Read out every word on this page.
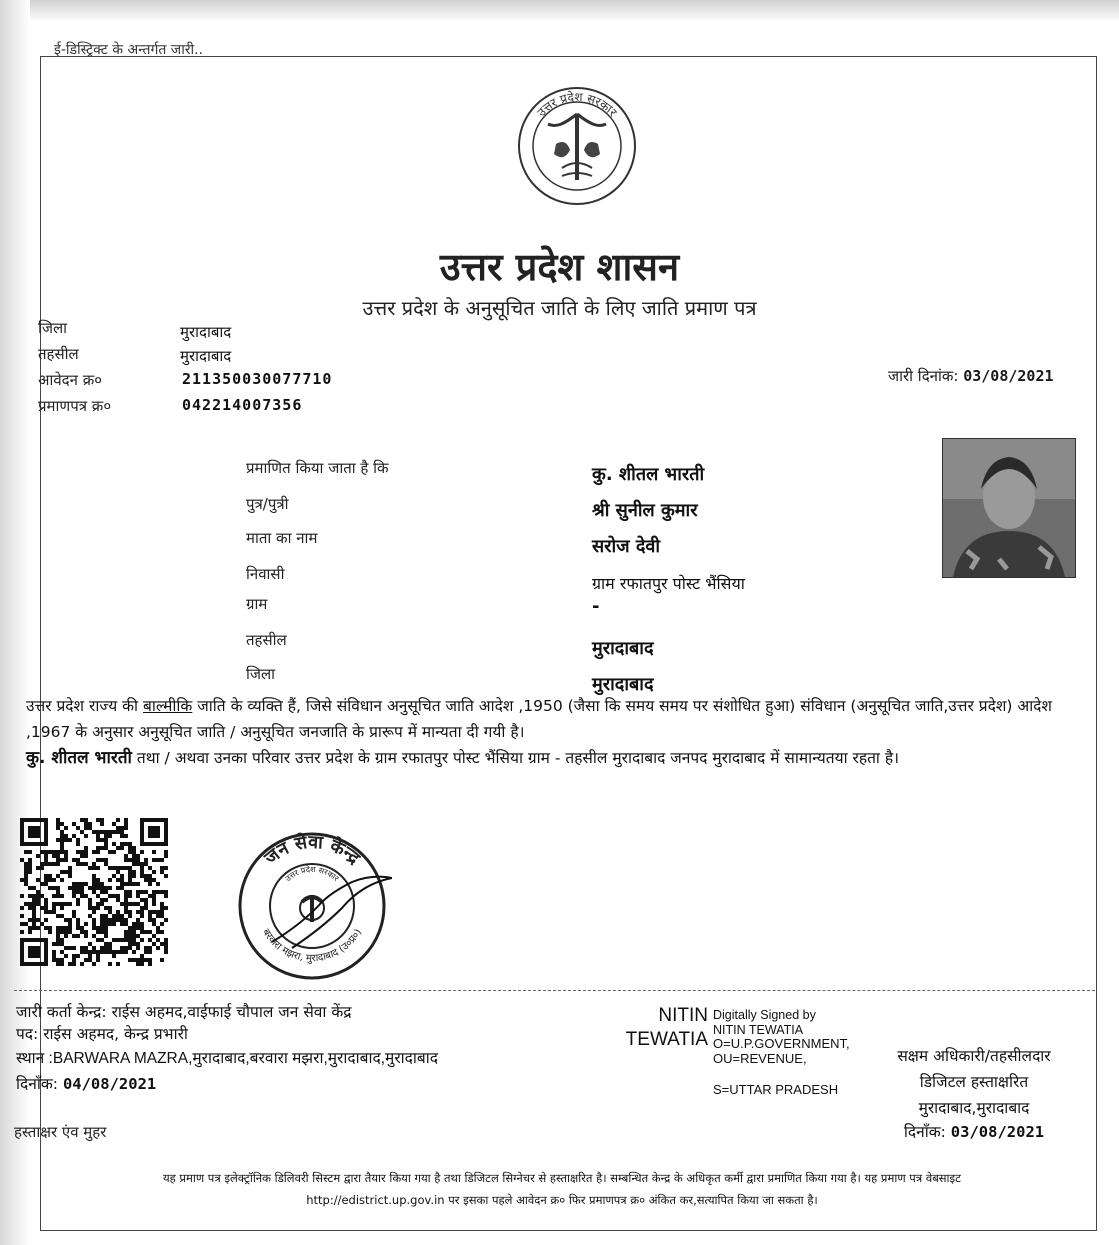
ई-डिस्ट्रिक्ट के अन्तर्गत जारी..
उत्तर प्रदेश सरकार
उत्तर प्रदेश शासन
उत्तर प्रदेश के अनुसूचित जाति के लिए जाति प्रमाण पत्र
जिला	मुरादाबाद
तहसील	मुरादाबाद
आवेदन क्र०	211350030077710
प्रमाणपत्र क्र०	042214007356
जारी दिनांक: 03/08/2021
प्रमाणित किया जाता है कि	कु. शीतल भारती
पुत्र/पुत्री	श्री सुनील कुमार
माता का नाम	सरोज देवी
निवासी	ग्राम रफातपुर पोस्ट भैंसिया
ग्राम	-
तहसील	मुरादाबाद
जिला	मुरादाबाद
उत्तर प्रदेश राज्य की बाल्मीकि जाति के व्यक्ति हैं, जिसे संविधान अनुसूचित जाति आदेश ,1950 (जैसा कि समय समय पर संशोधित हुआ) संविधान (अनुसूचित जाति,उत्तर प्रदेश) आदेश ,1967 के अनुसार अनुसूचित जाति / अनुसूचित जनजाति के प्रारूप में मान्यता दी गयी है।
कु. शीतल भारती तथा / अथवा उनका परिवार उत्तर प्रदेश के ग्राम रफातपुर पोस्ट भैंसिया ग्राम - तहसील मुरादाबाद जनपद मुरादाबाद में सामान्यतया रहता है।
जन सेवा केन्द्र
बरवारा मझरा, मुरादाबाद (उ०प्र०)
उत्तर प्रदेश सरकार
जारी कर्ता केन्द्र: राईस अहमद,वाईफाई चौपाल जन सेवा केंद्र
पद: राईस अहमद, केन्द्र प्रभारी
स्थान :BARWARA MAZRA,मुरादाबाद,बरवारा मझरा,मुरादाबाद,मुरादाबाद
दिनाँक: 04/08/2021
हस्ताक्षर एंव मुहर
NITIN
TEWATIA
Digitally Signed by
NITIN TEWATIA
O=U.P.GOVERNMENT,
OU=REVENUE,
S=UTTAR PRADESH
सक्षम अधिकारी/तहसीलदार
डिजिटल हस्ताक्षरित
मुरादाबाद,मुरादाबाद
दिनाँक: 03/08/2021
यह प्रमाण पत्र इलेक्ट्रॉनिक डिलिवरी सिस्टम द्वारा तैयार किया गया है तथा डिजिटल सिग्नेचर से हस्ताक्षरित है। सम्बन्धित केन्द्र के अधिकृत कर्मी द्वारा प्रमाणित किया गया है। यह प्रमाण पत्र वेबसाइट
http://edistrict.up.gov.in पर इसका पहले आवेदन क्र० फिर प्रमाणपत्र क्र० अंकित कर,सत्यापित किया जा सकता है।
